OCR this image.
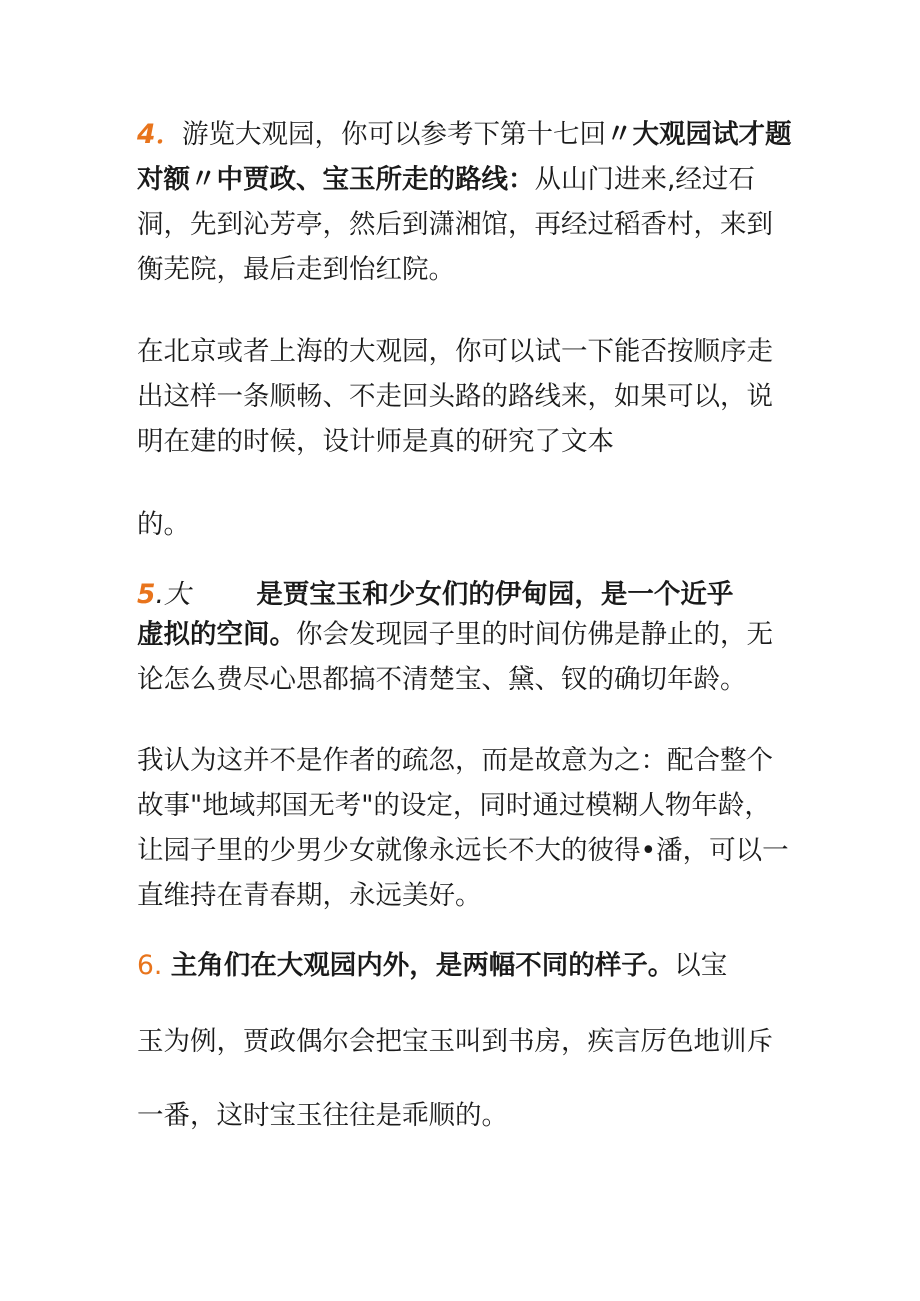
4．游览大观园，你可以参考下第十七回〃大观园试才题
对额〃中贾政、宝玉所走的路线：从山门进来,经过石
洞，先到沁芳亭，然后到潇湘馆，再经过稻香村，来到
衡芜院，最后走到怡红院。
在北京或者上海的大观园，你可以试一下能否按顺序走
出这样一条顺畅、不走回头路的路线来，如果可以，说
明在建的时候，设计师是真的研究了文本
的。
5.大 是贾宝玉和少女们的伊甸园，是一个近乎
虚拟的空间。你会发现园子里的时间仿佛是静止的，无
论怎么费尽心思都搞不清楚宝、黛、钗的确切年龄。
我认为这并不是作者的疏忽，而是故意为之：配合整个
故事"地域邦国无考"的设定，同时通过模糊人物年龄，
让园子里的少男少女就像永远长不大的彼得•潘，可以一
直维持在青春期，永远美好。
6. 主角们在大观园内外，是两幅不同的样子。以宝
玉为例，贾政偶尔会把宝玉叫到书房，疾言厉色地训斥
一番，这时宝玉往往是乖顺的。
